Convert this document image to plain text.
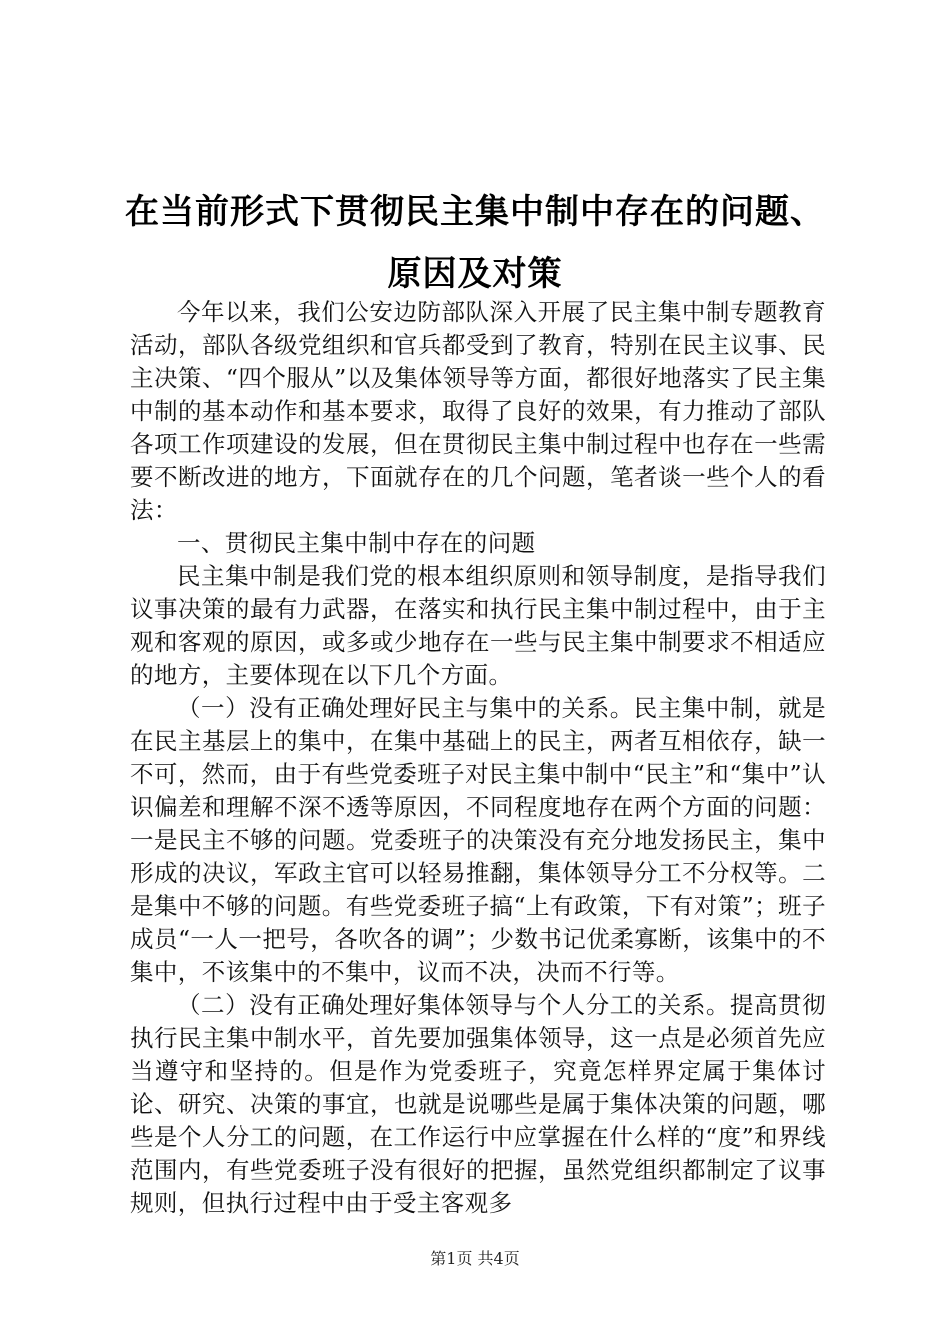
在当前形式下贯彻民主集中制中存在的问题、
原因及对策

今年以来，我们公安边防部队深入开展了民主集中制专题教育活动，部队各级党组织和官兵都受到了教育，特别在民主议事、民主决策、“四个服从”以及集体领导等方面，都很好地落实了民主集中制的基本动作和基本要求，取得了良好的效果，有力推动了部队各项工作项建设的发展，但在贯彻民主集中制过程中也存在一些需要不断改进的地方，下面就存在的几个问题，笔者谈一些个人的看法：

一、贯彻民主集中制中存在的问题

民主集中制是我们党的根本组织原则和领导制度，是指导我们议事决策的最有力武器，在落实和执行民主集中制过程中，由于主观和客观的原因，或多或少地存在一些与民主集中制要求不相适应的地方，主要体现在以下几个方面。

（一）没有正确处理好民主与集中的关系。民主集中制，就是在民主基层上的集中，在集中基础上的民主，两者互相依存，缺一不可，然而，由于有些党委班子对民主集中制中“民主”和“集中”认识偏差和理解不深不透等原因，不同程度地存在两个方面的问题：一是民主不够的问题。党委班子的决策没有充分地发扬民主，集中形成的决议，军政主官可以轻易推翻，集体领导分工不分权等。二是集中不够的问题。有些党委班子搞“上有政策，下有对策”；班子成员“一人一把号，各吹各的调”；少数书记优柔寡断，该集中的不集中，不该集中的不集中，议而不决，决而不行等。

（二）没有正确处理好集体领导与个人分工的关系。提高贯彻执行民主集中制水平，首先要加强集体领导，这一点是必须首先应当遵守和坚持的。但是作为党委班子，究竟怎样界定属于集体讨论、研究、决策的事宜，也就是说哪些是属于集体决策的问题，哪些是个人分工的问题，在工作运行中应掌握在什么样的“度”和界线范围内，有些党委班子没有很好的把握，虽然党组织都制定了议事规则，但执行过程中由于受主客观多

第1页 共4页
